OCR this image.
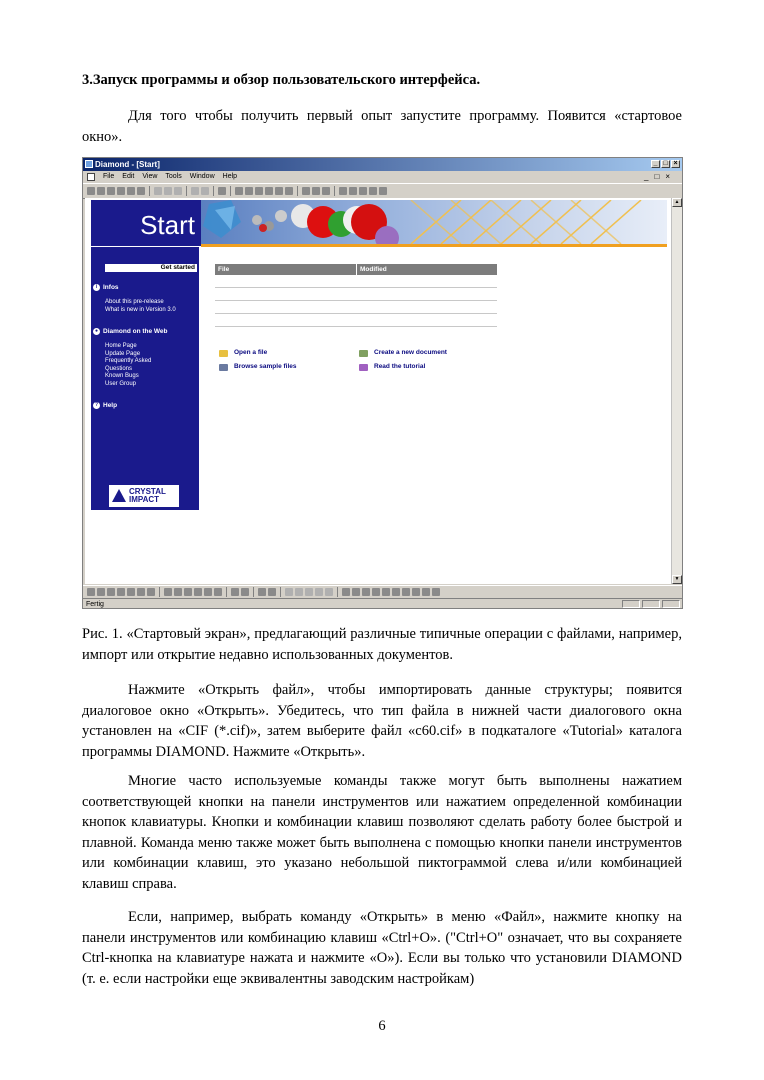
3.Запуск программы и обзор пользовательского интерфейса.

Для того чтобы получить первый опыт запустите программу. Появится «стартовое окно».

Diamond - [Start]	_ □ ×
File Edit View Tools Window Help	_□×
Start
Get started
i Infos
About this pre-release
What is new in Version 3.0
● Diamond on the Web
Home Page
Update Page
Frequently Asked
Questions
Known Bugs
User Group
? Help
CRYSTAL
IMPACT
File	Modified
Open a file
Browse sample files
Create a new document
Read the tutorial
▲
▼
Fertig

Рис. 1. «Стартовый экран», предлагающий различные типичные операции с файлами, например, импорт или открытие недавно использованных документов.

Нажмите «Открыть файл», чтобы импортировать данные структуры; появится диалоговое окно «Открыть». Убедитесь, что тип файла в нижней части диалогового окна установлен на «CIF (*.cif)», затем выберите файл «c60.cif» в подкаталоге «Tutorial» каталога программы DIAMOND. Нажмите «Открыть».

Многие часто используемые команды также могут быть выполнены нажатием соответствующей кнопки на панели инструментов или нажатием определенной комбинации кнопок клавиатуры. Кнопки и комбинации клавиш позволяют сделать работу более быстрой и плавной. Команда меню также может быть выполнена с помощью кнопки панели инструментов или комбинации клавиш, это указано небольшой пиктограммой слева и/или комбинацией клавиш справа.

Если, например, выбрать команду «Открыть» в меню «Файл», нажмите кнопку на панели инструментов или комбинацию клавиш «Ctrl+O». ("Ctrl+O" означает, что вы сохраняете Ctrl-кнопка на клавиатуре нажата и нажмите «O»). Если вы только что установили DIAMOND (т. е. если настройки еще эквивалентны заводским настройкам)

6
